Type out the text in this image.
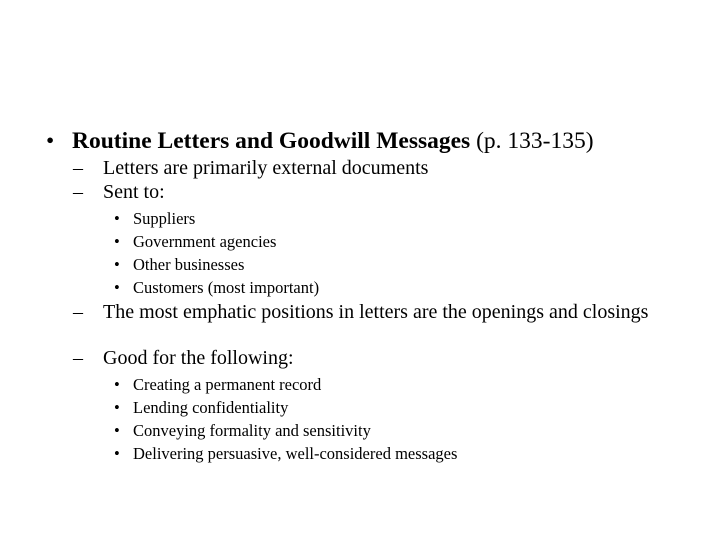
• Routine Letters and Goodwill Messages (p. 133-135)
– Letters are primarily external documents
– Sent to:
• Suppliers
• Government agencies
• Other businesses
• Customers (most important)
– The most emphatic positions in letters are the openings and closings
– Good for the following:
• Creating a permanent record
• Lending confidentiality
• Conveying formality and sensitivity
• Delivering persuasive, well-considered messages
